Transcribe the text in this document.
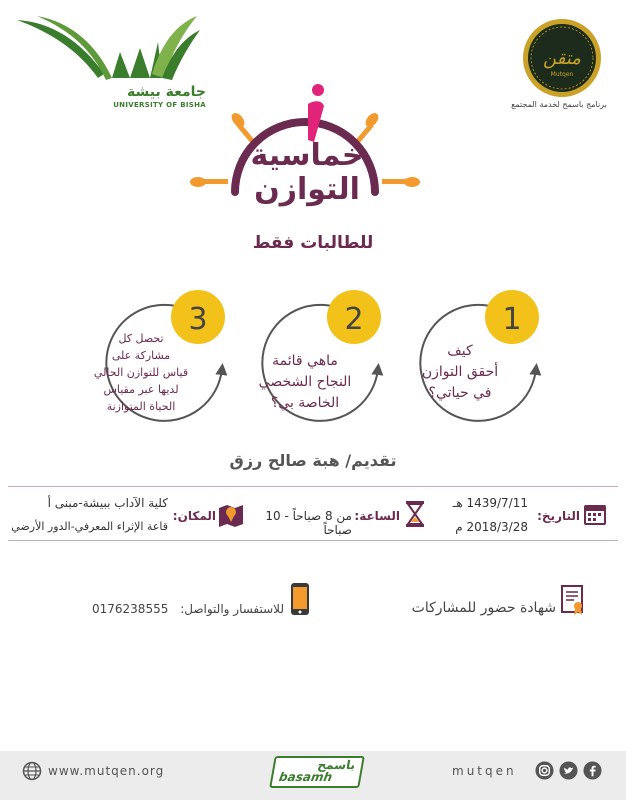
جامعة بيشة
UNIVERSITY OF BISHA
متقن
Mutqen
برنامج باسمح لخدمة المجتمع
خماسية
التوازن
للطالبات فقط
3	2	1
كيف
أحقق التوازن
في حياتي؟
ماهي قائمة
النجاح الشخصي
الخاصة بي؟
تحصل كل
مشاركة على
قياس للتوازن الحالي
لديها عبر مقياس
الحياة المتوازنة
تقديم/ هبة صالح رزق
التاريخ:
1439/7/11 هـ
2018/3/28 م
الساعة:
من 8 صباحاً - 10 صباحاً
المكان:
كلية الآداب ببيشة-مبنى أ
قاعة الإثراء المعرفي-الدور الأرضي
شهادة حضور للمشاركات
للاستفسار والتواصل:
0176238555
www.mutqen.org	باسمح
basamh	mutqen
